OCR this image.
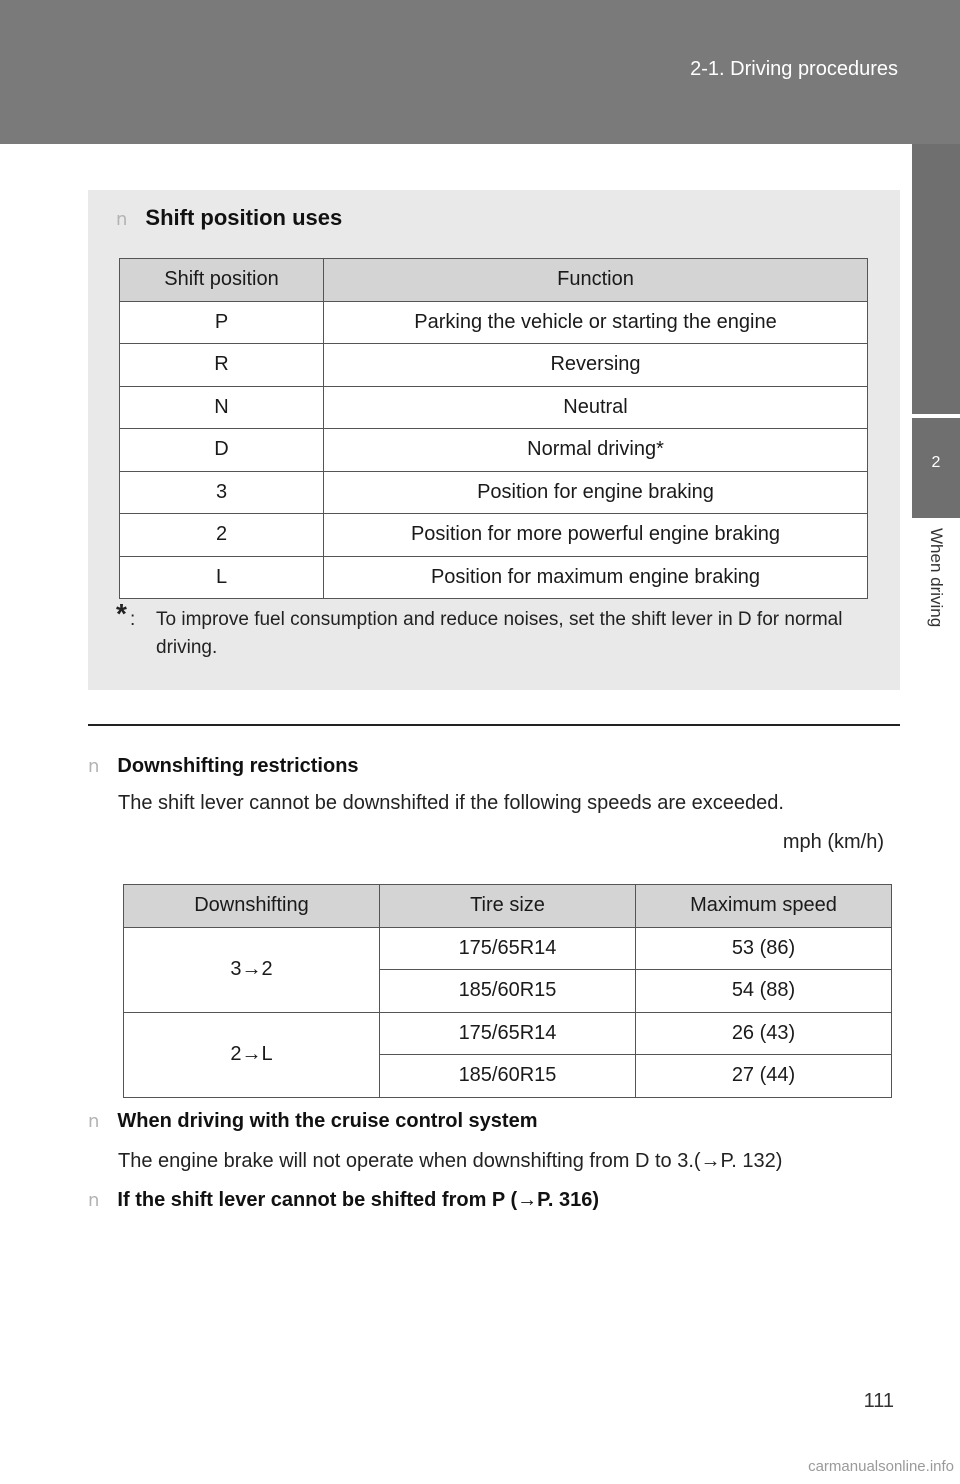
2-1. Driving procedures
2
When driving
n Shift position uses
Shift position	Function
P	Parking the vehicle or starting the engine
R	Reversing
N	Neutral
D	Normal driving*
3	Position for engine braking
2	Position for more powerful engine braking
L	Position for maximum engine braking
* :	To improve fuel consumption and reduce noises, set the shift lever in D for normal driving.
n Downshifting restrictions
The shift lever cannot be downshifted if the following speeds are exceeded.
mph (km/h)
Downshifting	Tire size	Maximum speed
3→2	175/65R14	53 (86)
	185/60R15	54 (88)
2→L	175/65R14	26 (43)
	185/60R15	27 (44)
n When driving with the cruise control system
The engine brake will not operate when downshifting from D to 3.(→P. 132)
n If the shift lever cannot be shifted from P (→P. 316)
111
carmanualsonline.info
